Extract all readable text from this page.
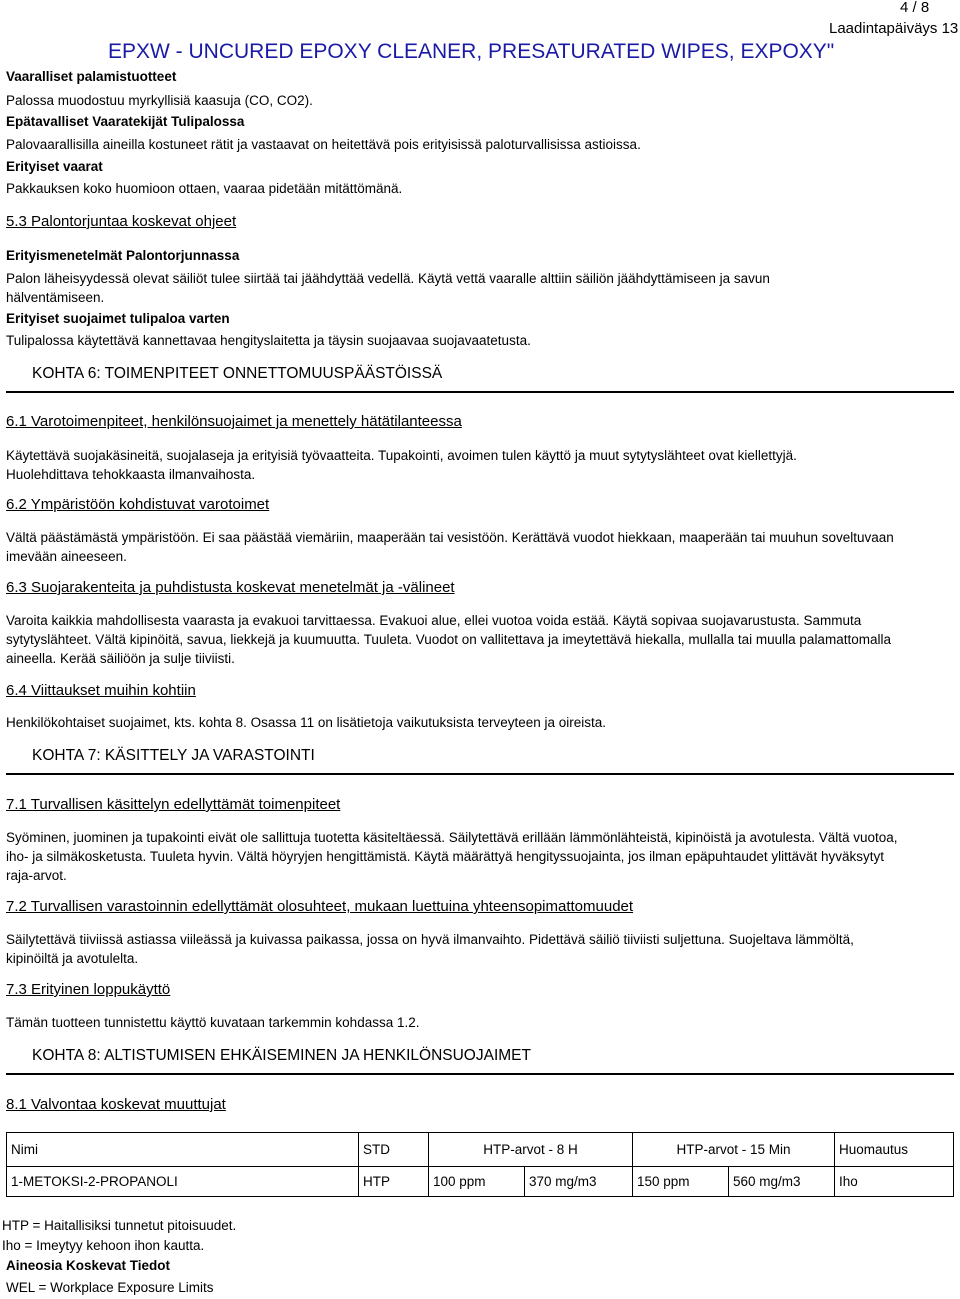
4 / 8
Laadintapäiväys 13
EPXW - UNCURED EPOXY CLEANER, PRESATURATED WIPES, EXPOXY"
Vaaralliset palamistuotteet
Palossa muodostuu myrkyllisiä kaasuja (CO, CO2).
Epätavalliset Vaaratekijät Tulipalossa
Palovaarallisilla aineilla kostuneet rätit ja vastaavat on heitettävä pois erityisissä paloturvallisissa astioissa.
Erityiset vaarat
Pakkauksen koko huomioon ottaen, vaaraa pidetään mitättömänä.
5.3 Palontorjuntaa koskevat ohjeet
Erityismenetelmät Palontorjunnassa
Palon läheisyydessä olevat säiliöt tulee siirtää tai jäähdyttää vedellä. Käytä vettä vaaralle alttiin säiliön jäähdyttämiseen ja savun hälventämiseen.
Erityiset suojaimet tulipaloa varten
Tulipalossa käytettävä kannettavaa hengityslaitetta ja täysin suojaavaa suojavaatetusta.
KOHTA 6: TOIMENPITEET ONNETTOMUUSPÄÄSTÖISSÄ
6.1 Varotoimenpiteet, henkilönsuojaimet ja menettely hätätilanteessa
Käytettävä suojakäsineitä, suojalaseja ja erityisiä työvaatteita. Tupakointi, avoimen tulen käyttö ja muut sytytyslähteet ovat kiellettyjä. Huolehdittava tehokkaasta ilmanvaihosta.
6.2 Ympäristöön kohdistuvat varotoimet
Vältä päästämästä ympäristöön. Ei saa päästää viemäriin, maaperään tai vesistöön. Kerättävä vuodot hiekkaan, maaperään tai muuhun soveltuvaan imevään aineeseen.
6.3 Suojarakenteita ja puhdistusta koskevat menetelmät ja -välineet
Varoita kaikkia mahdollisesta vaarasta ja evakuoi tarvittaessa. Evakuoi alue, ellei vuotoa voida estää. Käytä sopivaa suojavarustusta. Sammuta sytytyslähteet. Vältä kipinöitä, savua, liekkejä ja kuumuutta. Tuuleta. Vuodot on vallitettava ja imeytettävä hiekalla, mullalla tai muulla palamattomalla aineella. Kerää säiliöön ja sulje tiiviisti.
6.4 Viittaukset muihin kohtiin
Henkilökohtaiset suojaimet, kts. kohta 8. Osassa 11 on lisätietoja vaikutuksista terveyteen ja oireista.
KOHTA 7: KÄSITTELY JA VARASTOINTI
7.1 Turvallisen käsittelyn edellyttämät toimenpiteet
Syöminen, juominen ja tupakointi eivät ole sallittuja tuotetta käsiteltäessä. Säilytettävä erillään lämmönlähteistä, kipinöistä ja avotulesta. Vältä vuotoa, iho- ja silmäkosketusta. Tuuleta hyvin. Vältä höyryjen hengittämistä. Käytä määrättyä hengityssuojainta, jos ilman epäpuhtaudet ylittävät hyväksytyt raja-arvot.
7.2 Turvallisen varastoinnin edellyttämät olosuhteet, mukaan luettuina yhteensopimattomuudet
Säilytettävä tiiviissä astiassa viileässä ja kuivassa paikassa, jossa on hyvä ilmanvaihto. Pidettävä säiliö tiiviisti suljettuna. Suojeltava lämmöltä, kipinöiltä ja avotulelta.
7.3 Erityinen loppukäyttö
Tämän tuotteen tunnistettu käyttö kuvataan tarkemmin kohdassa 1.2.
KOHTA 8: ALTISTUMISEN EHKÄISEMINEN JA HENKILÖNSUOJAIMET
8.1 Valvontaa koskevat muuttujat
Nimi	STD	HTP-arvot - 8 H		HTP-arvot - 15 Min		Huomautus
1-METOKSI-2-PROPANOLI	HTP	100 ppm	370 mg/m3	150 ppm	560 mg/m3	Iho
HTP = Haitallisiksi tunnetut pitoisuudet.
Iho = Imeytyy kehoon ihon kautta.
Aineosia Koskevat Tiedot
WEL = Workplace Exposure Limits
